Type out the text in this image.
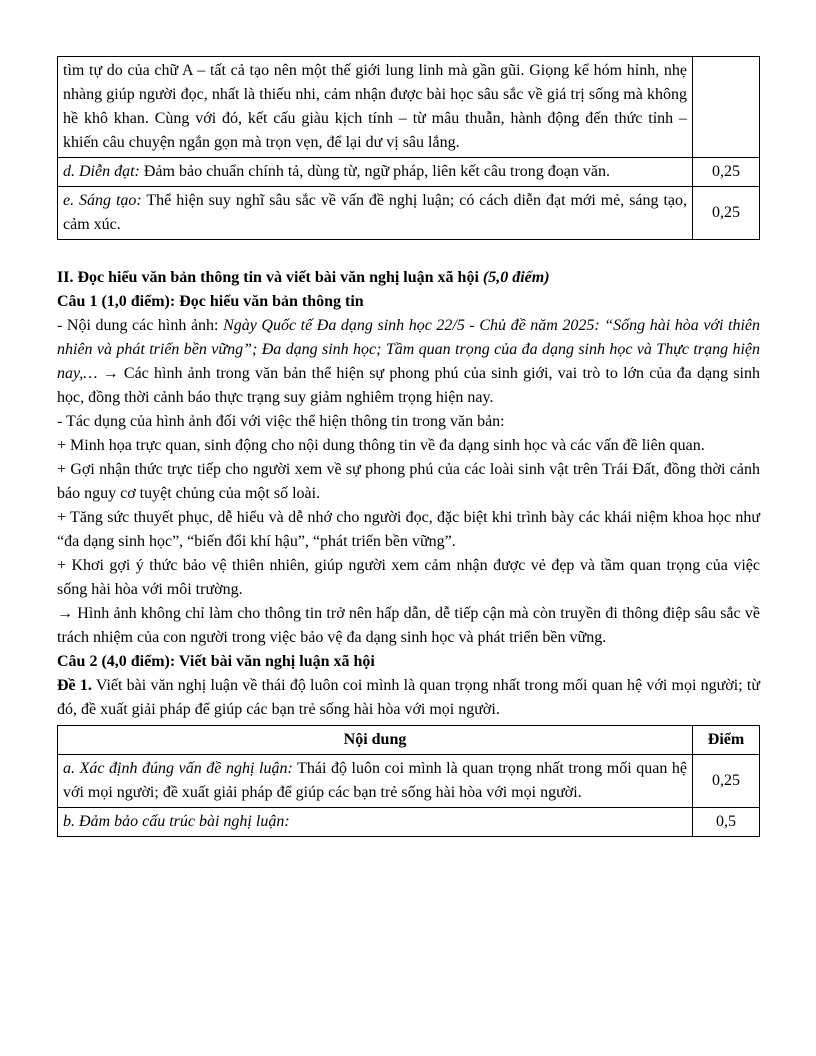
tìm tự do của chữ A – tất cả tạo nên một thế giới lung linh mà gần gũi. Giọng kể hóm hỉnh, nhẹ nhàng giúp người đọc, nhất là thiếu nhi, cảm nhận được bài học sâu sắc về giá trị sống mà không hề khô khan. Cùng với đó, kết cấu giàu kịch tính – từ mâu thuẫn, hành động đến thức tỉnh – khiến câu chuyện ngắn gọn mà trọn vẹn, để lại dư vị sâu lắng.	
d. Diễn đạt: Đảm bảo chuẩn chính tả, dùng từ, ngữ pháp, liên kết câu trong đoạn văn.	0,25
e. Sáng tạo: Thể hiện suy nghĩ sâu sắc về vấn đề nghị luận; có cách diễn đạt mới mẻ, sáng tạo, cảm xúc.	0,25

II. Đọc hiểu văn bản thông tin và viết bài văn nghị luận xã hội (5,0 điểm)

Câu 1 (1,0 điểm): Đọc hiểu văn bản thông tin

- Nội dung các hình ảnh: Ngày Quốc tế Đa dạng sinh học 22/5 - Chủ đề năm 2025: “Sống hài hòa với thiên nhiên và phát triển bền vững”; Đa dạng sinh học; Tầm quan trọng của đa dạng sinh học và Thực trạng hiện nay,… → Các hình ảnh trong văn bản thể hiện sự phong phú của sinh giới, vai trò to lớn của đa dạng sinh học, đồng thời cảnh báo thực trạng suy giảm nghiêm trọng hiện nay.

- Tác dụng của hình ảnh đối với việc thể hiện thông tin trong văn bản:

+ Minh họa trực quan, sinh động cho nội dung thông tin về đa dạng sinh học và các vấn đề liên quan.

+ Gợi nhận thức trực tiếp cho người xem về sự phong phú của các loài sinh vật trên Trái Đất, đồng thời cảnh báo nguy cơ tuyệt chủng của một số loài.

+ Tăng sức thuyết phục, dễ hiểu và dễ nhớ cho người đọc, đặc biệt khi trình bày các khái niệm khoa học như “đa dạng sinh học”, “biến đổi khí hậu”, “phát triển bền vững”.

+ Khơi gợi ý thức bảo vệ thiên nhiên, giúp người xem cảm nhận được vẻ đẹp và tầm quan trọng của việc sống hài hòa với môi trường.

→ Hình ảnh không chỉ làm cho thông tin trở nên hấp dẫn, dễ tiếp cận mà còn truyền đi thông điệp sâu sắc về trách nhiệm của con người trong việc bảo vệ đa dạng sinh học và phát triển bền vững.

Câu 2 (4,0 điểm): Viết bài văn nghị luận xã hội

Đề 1. Viết bài văn nghị luận về thái độ luôn coi mình là quan trọng nhất trong mối quan hệ với mọi người; từ đó, đề xuất giải pháp để giúp các bạn trẻ sống hài hòa với mọi người.

Nội dung	Điểm
a. Xác định đúng vấn đề nghị luận: Thái độ luôn coi mình là quan trọng nhất trong mối quan hệ với mọi người; đề xuất giải pháp để giúp các bạn trẻ sống hài hòa với mọi người.	0,25
b. Đảm bảo cấu trúc bài nghị luận:	0,5
